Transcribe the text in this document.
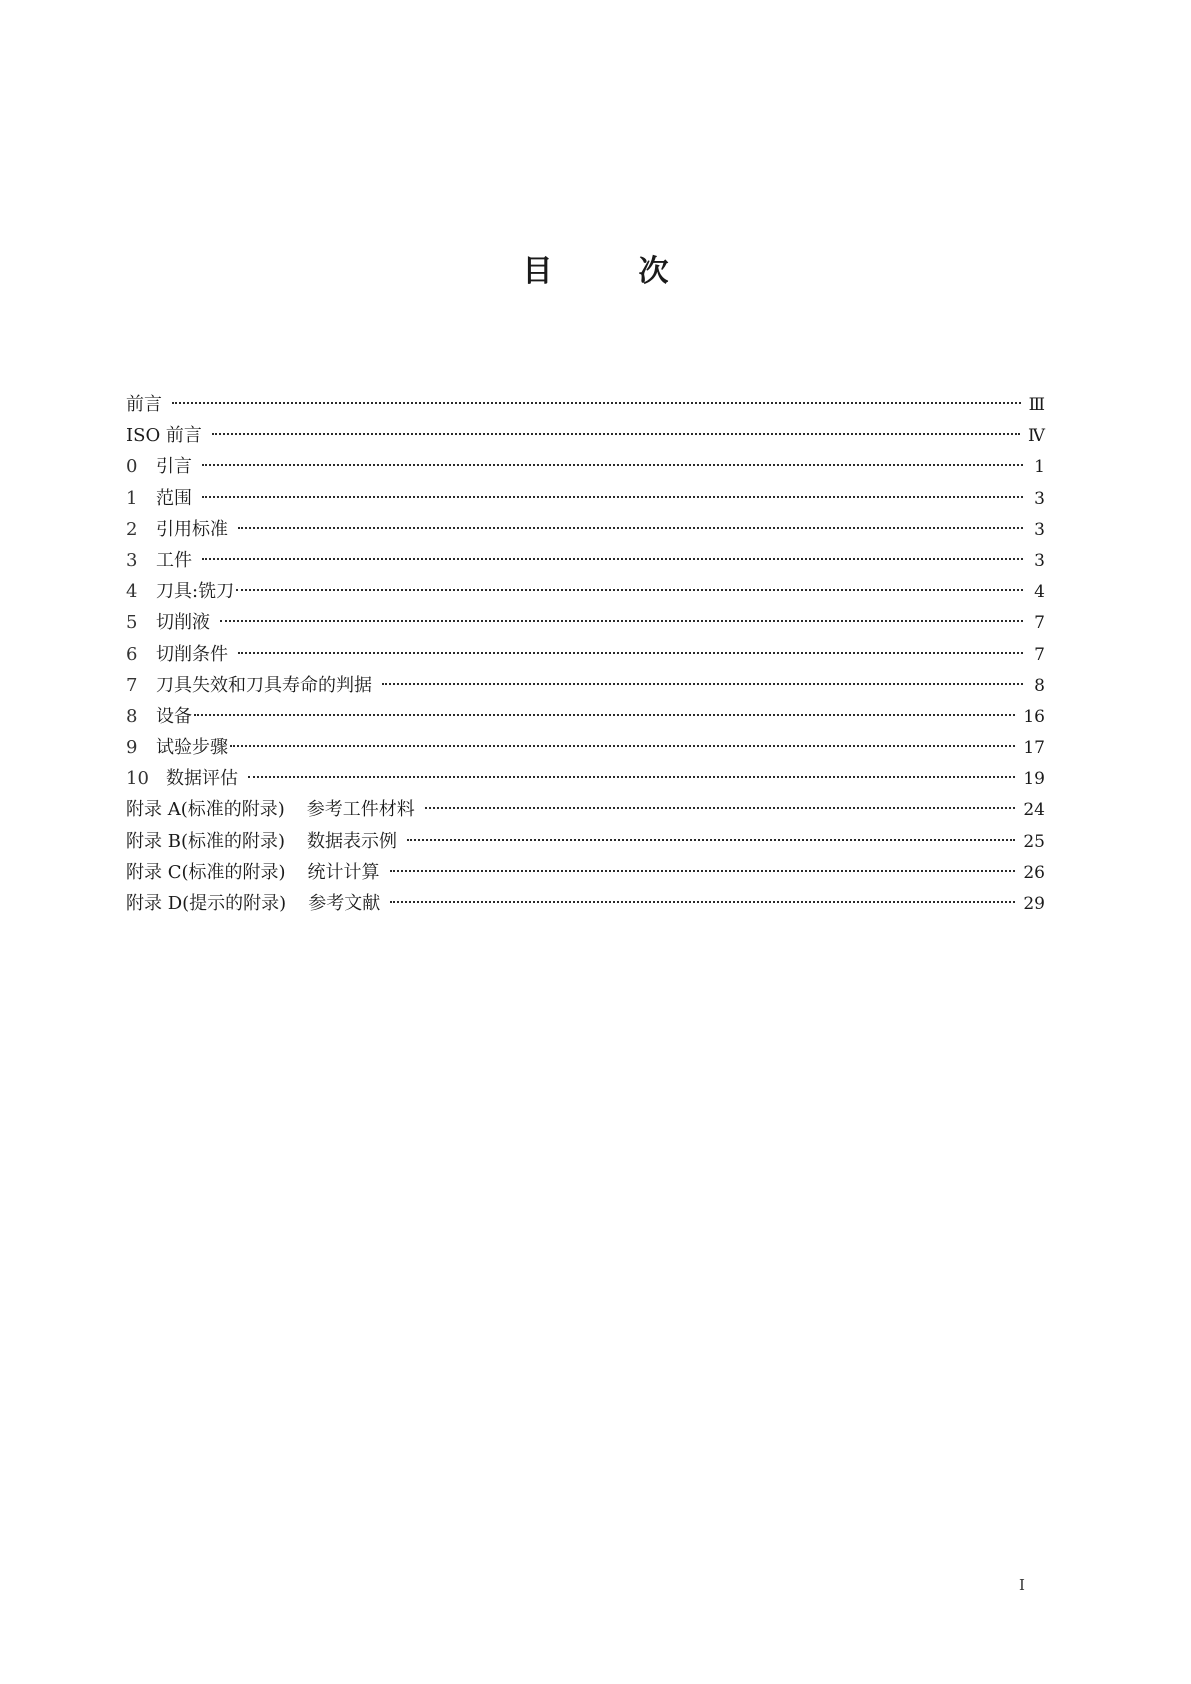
目	次
前言	Ⅲ
ISO 前言	Ⅳ
0 引言	1
1 范围	3
2 引用标准	3
3 工件	3
4 刀具:铣刀	4
5 切削液	7
6 切削条件	7
7 刀具失效和刀具寿命的判据	8
8 设备	16
9 试验步骤	17
10 数据评估	19
附录 A(标准的附录) 参考工件材料	24
附录 B(标准的附录) 数据表示例	25
附录 C(标准的附录) 统计计算	26
附录 D(提示的附录) 参考文献	29
I
